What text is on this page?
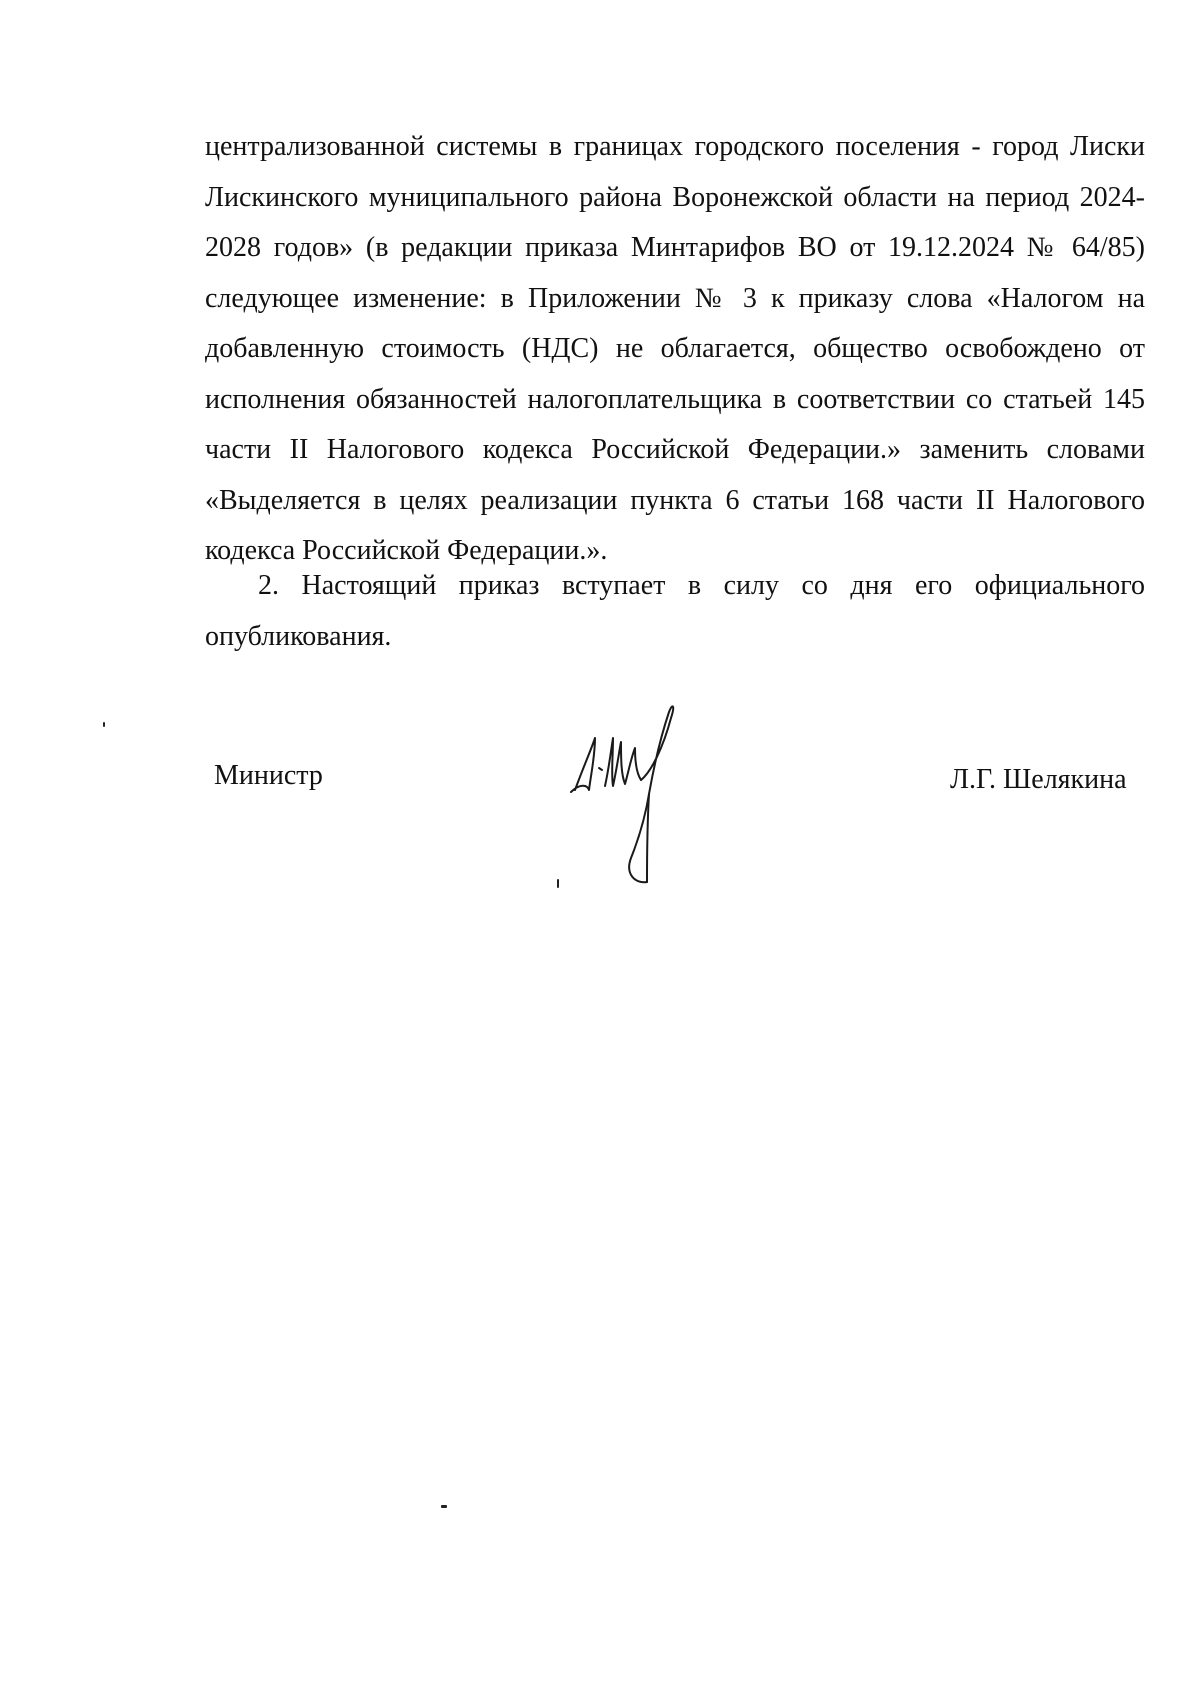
централизованной системы в границах городского поселения - город Лиски Лискинского муниципального района Воронежской области на период 2024-2028 годов» (в редакции приказа Минтарифов ВО от 19.12.2024 № 64/85) следующее изменение: в Приложении № 3 к приказу слова «Налогом на добавленную стоимость (НДС) не облагается, общество освобождено от исполнения обязанностей налогоплательщика в соответствии со статьей 145 части II Налогового кодекса Российской Федерации.» заменить словами «Выделяется в целях реализации пункта 6 статьи 168 части II Налогового кодекса Российской Федерации.».

2. Настоящий приказ вступает в силу со дня его официального опубликования.

Министр	Л.Г. Шелякина
